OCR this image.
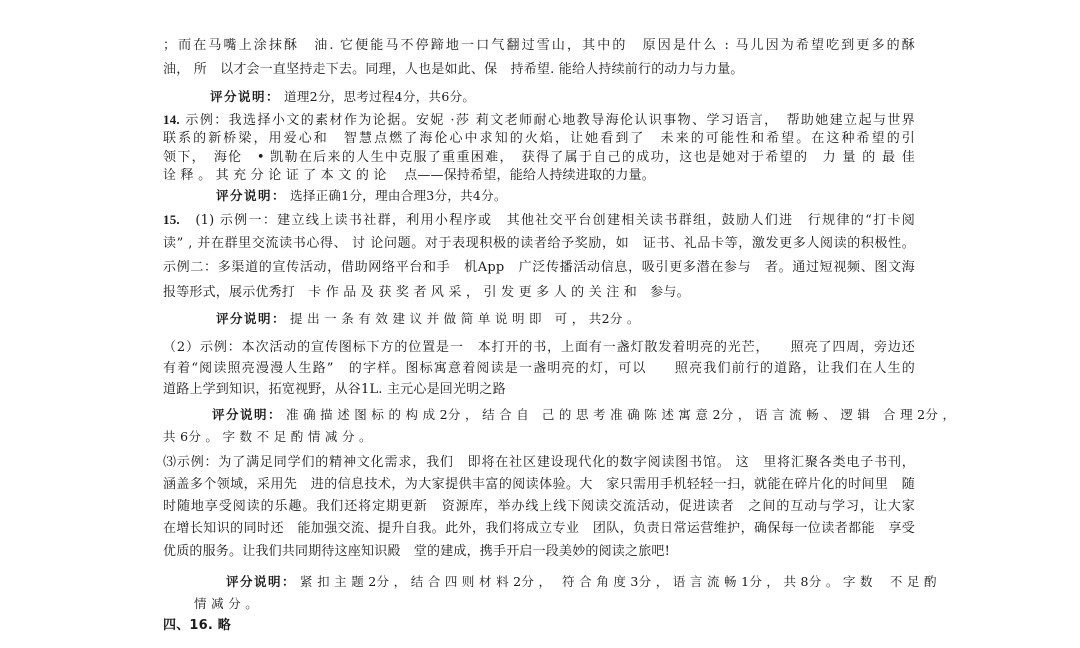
；而在马嘴上涂抹酥　油. 它便能马不停蹄地一口气翻过雪山，其中的　原因是什么 : 马儿因为希望吃到更多的酥
油， 所　以才会一直坚持走下去。同理，人也是如此、保　持希望. 能给人持续前行的动力与力量。
评分说明： 道理2分，思考过程4分，共6分。
14. 示例：我选择小文的素材作为论据。安妮 ·莎 莉文老师耐心地教导海伦认识事物、学习语言，　帮助她建立起与世界
联系的新桥梁，用爱心和　智慧点燃了海伦心中求知的火焰，让她看到了　未来的可能性和希望。在这种希望的引
领下，　海伦　• 凯勒在后来的人生中克服了重重困难，　获得了属于自己的成功，这也是她对于希望的　力 量 的 最 佳
诠 释 。 其 充 分 论 证 了 本 文 的 论　 点——保持希望，能给人持续进取的力量。
评分说明： 选择正确1分，理由合理3分，共4分。
15.　(1) 示例一：建立线上读书社群，利用小程序或　其他社交平台创建相关读书群组，鼓励人们进　行规律的“打卡阅
读” , 并在群里交流读书心得、 讨 论问题。对于表现积极的读者给予奖励，如　证书、礼品卡等，激发更多人阅读的积极性。
示例二：多渠道的宣传活动，借助网络平台和手　机App　广泛传播活动信息，吸引更多潜在参与　者。通过短视频、图文海
报等形式，展示优秀打　卡 作 品 及 获 奖 者 风 采 ， 引 发 更 多 人 的 关 注 和　参与。
评分说明： 提 出 一 条 有 效 建 议 并 做 简 单 说 明 即　可 ， 共2分 。
（2）示例：本次活动的宣传图标下方的位置是一　本打开的书，上面有一盏灯散发着明亮的光芒，　　照亮了四周，旁边还
有着“阅读照亮漫漫人生路”　的字样。图标寓意着阅读是一盏明亮的灯，可以　　照亮我们前行的道路，让我们在人生的
道路上学到知识，拓宽视野，从谷1L. 主元心是回光明之路
评分说明： 准 确 描 述 图 标 的 构 成 2分 ， 结 合 自　己 的 思 考 准 确 陈 述 寓 意 2分 ， 语 言 流 畅 、 逻 辑　合 理 2分 ，
共 6分 。 字 数 不 足 酌 情 减 分 。
⑶示例：为了满足同学们的精神文化需求，我们　即将在社区建设现代化的数字阅读图书馆。 这　里将汇聚各类电子书刊，
涵盖多个领域，采用先　进的信息技术，为大家提供丰富的阅读体验。大　家只需用手机轻轻一扫，就能在碎片化的时间里　随
时随地享受阅读的乐趣。我们还将定期更新　资源库，举办线上线下阅读交流活动，促进读者　之间的互动与学习，让大家
在增长知识的同时还　能加强交流、提升自我。此外，我们将成立专业　团队，负责日常运营维护，确保每一位读者都能　享受
优质的服务。让我们共同期待这座知识殿　堂的建成，携手开启一段美妙的阅读之旅吧!
评分说明： 紧 扣 主 题 2分 ， 结 合 四 则 材 料 2分 ，　 符 合 角 度 3分 ， 语 言 流 畅 1分 ， 共 8分 。 字 数　 不 足 酌
情 减 分 。
四、16. 略
